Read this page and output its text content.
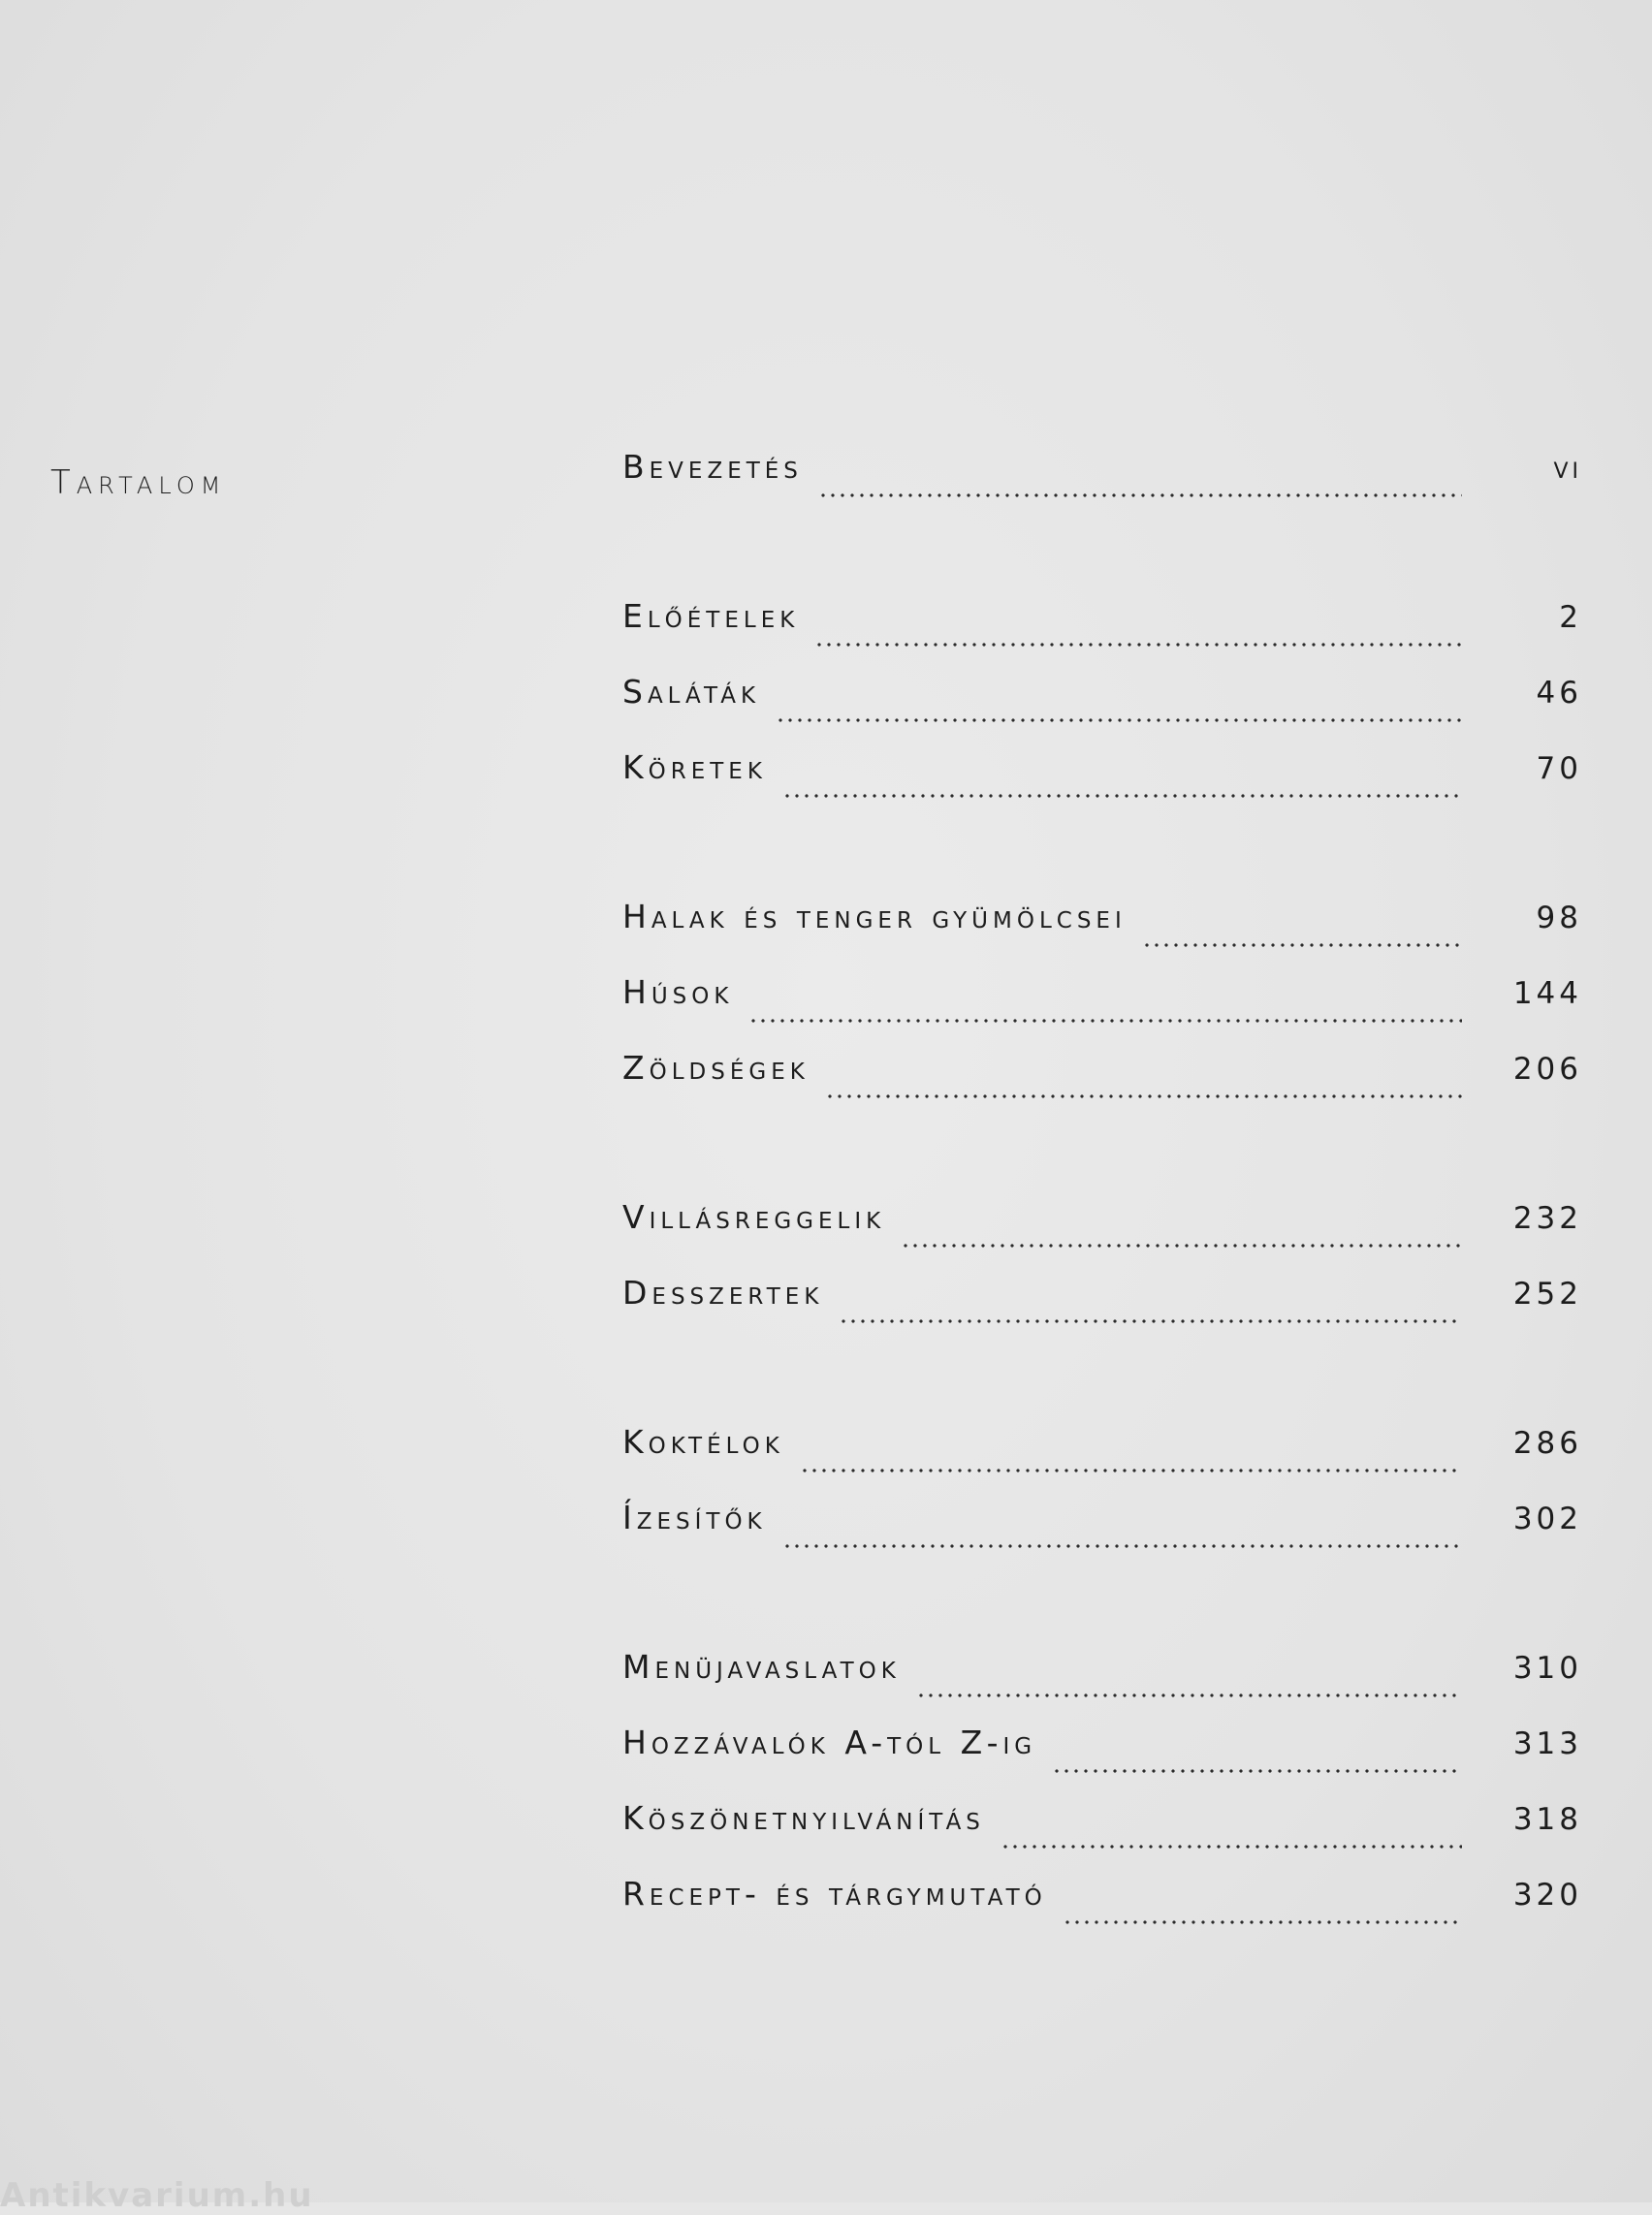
Tartalom	Bevezetés	vi
Előételek	2
Saláták	46
Köretek	70
Halak és tenger gyümölcsei	98
Húsok	144
Zöldségek	206
Villásreggelik	232
Desszertek	252
Koktélok	286
Ízesítők	302
Menüjavaslatok	310
Hozzávalók A-tól Z-ig	313
Köszönetnyilvánítás	318
Recept- és tárgymutató	320
Antikvarium.hu
